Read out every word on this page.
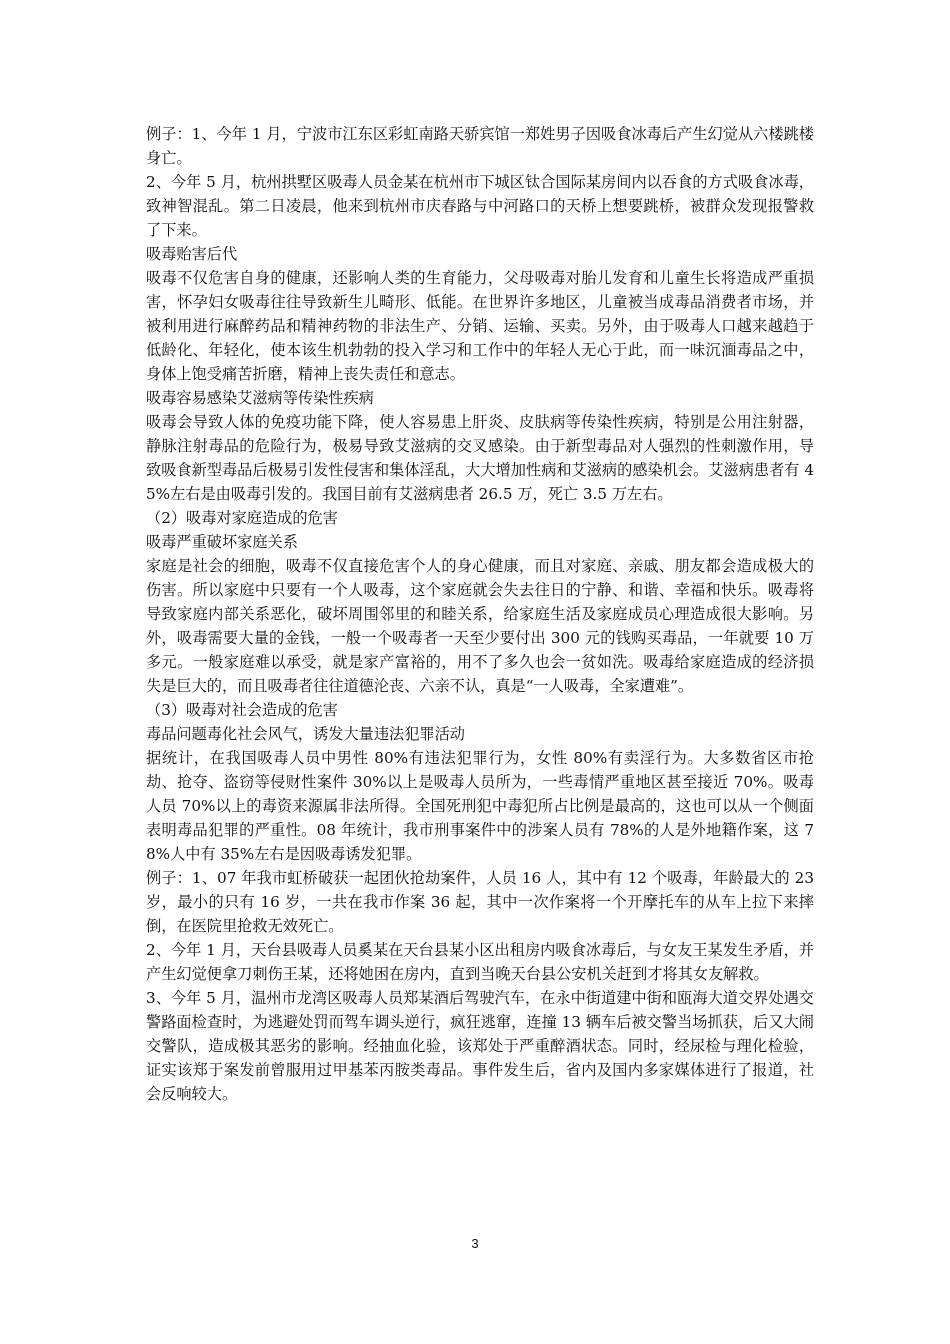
例子：1、今年 1 月，宁波市江东区彩虹南路天骄宾馆一郑姓男子因吸食冰毒后产生幻觉从六楼跳楼身亡。

2、今年 5 月，杭州拱墅区吸毒人员金某在杭州市下城区钛合国际某房间内以吞食的方式吸食冰毒，致神智混乱。第二日凌晨，他来到杭州市庆春路与中河路口的天桥上想要跳桥，被群众发现报警救了下来。

吸毒贻害后代

吸毒不仅危害自身的健康，还影响人类的生育能力，父母吸毒对胎儿发育和儿童生长将造成严重损害，怀孕妇女吸毒往往导致新生儿畸形、低能。在世界许多地区，儿童被当成毒品消费者市场，并被利用进行麻醉药品和精神药物的非法生产、分销、运输、买卖。另外，由于吸毒人口越来越趋于低龄化、年轻化，使本该生机勃勃的投入学习和工作中的年轻人无心于此，而一味沉湎毒品之中，身体上饱受痛苦折磨，精神上丧失责任和意志。

吸毒容易感染艾滋病等传染性疾病

吸毒会导致人体的免疫功能下降，使人容易患上肝炎、皮肤病等传染性疾病，特别是公用注射器，静脉注射毒品的危险行为，极易导致艾滋病的交叉感染。由于新型毒品对人强烈的性刺激作用，导致吸食新型毒品后极易引发性侵害和集体淫乱，大大增加性病和艾滋病的感染机会。艾滋病患者有 45%左右是由吸毒引发的。我国目前有艾滋病患者 26.5 万，死亡 3.5 万左右。

（2）吸毒对家庭造成的危害

吸毒严重破坏家庭关系

家庭是社会的细胞，吸毒不仅直接危害个人的身心健康，而且对家庭、亲戚、朋友都会造成极大的伤害。所以家庭中只要有一个人吸毒，这个家庭就会失去往日的宁静、和谐、幸福和快乐。吸毒将导致家庭内部关系恶化，破坏周围邻里的和睦关系，给家庭生活及家庭成员心理造成很大影响。另外，吸毒需要大量的金钱，一般一个吸毒者一天至少要付出 300 元的钱购买毒品，一年就要 10 万多元。一般家庭难以承受，就是家产富裕的，用不了多久也会一贫如洗。吸毒给家庭造成的经济损失是巨大的，而且吸毒者往往道德沦丧、六亲不认，真是“一人吸毒，全家遭难”。

（3）吸毒对社会造成的危害

毒品问题毒化社会风气，诱发大量违法犯罪活动

据统计，在我国吸毒人员中男性 80%有违法犯罪行为，女性 80%有卖淫行为。大多数省区市抢劫、抢夺、盗窃等侵财性案件 30%以上是吸毒人员所为，一些毒情严重地区甚至接近 70%。吸毒人员 70%以上的毒资来源属非法所得。全国死刑犯中毒犯所占比例是最高的，这也可以从一个侧面表明毒品犯罪的严重性。08 年统计，我市刑事案件中的涉案人员有 78%的人是外地籍作案，这 78%人中有 35%左右是因吸毒诱发犯罪。

例子：1、07 年我市虹桥破获一起团伙抢劫案件，人员 16 人，其中有 12 个吸毒，年龄最大的 23 岁，最小的只有 16 岁，一共在我市作案 36 起，其中一次作案将一个开摩托车的从车上拉下来摔倒，在医院里抢救无效死亡。

2、今年 1 月，天台县吸毒人员奚某在天台县某小区出租房内吸食冰毒后，与女友王某发生矛盾，并产生幻觉便拿刀刺伤王某，还将她困在房内，直到当晚天台县公安机关赶到才将其女友解救。

3、今年 5 月，温州市龙湾区吸毒人员郑某酒后驾驶汽车，在永中街道建中街和瓯海大道交界处遇交警路面检查时，为逃避处罚而驾车调头逆行，疯狂逃窜，连撞 13 辆车后被交警当场抓获，后又大闹交警队，造成极其恶劣的影响。经抽血化验，该郑处于严重醉酒状态。同时，经尿检与理化检验，证实该郑于案发前曾服用过甲基苯丙胺类毒品。事件发生后，省内及国内多家媒体进行了报道，社会反响较大。

3
